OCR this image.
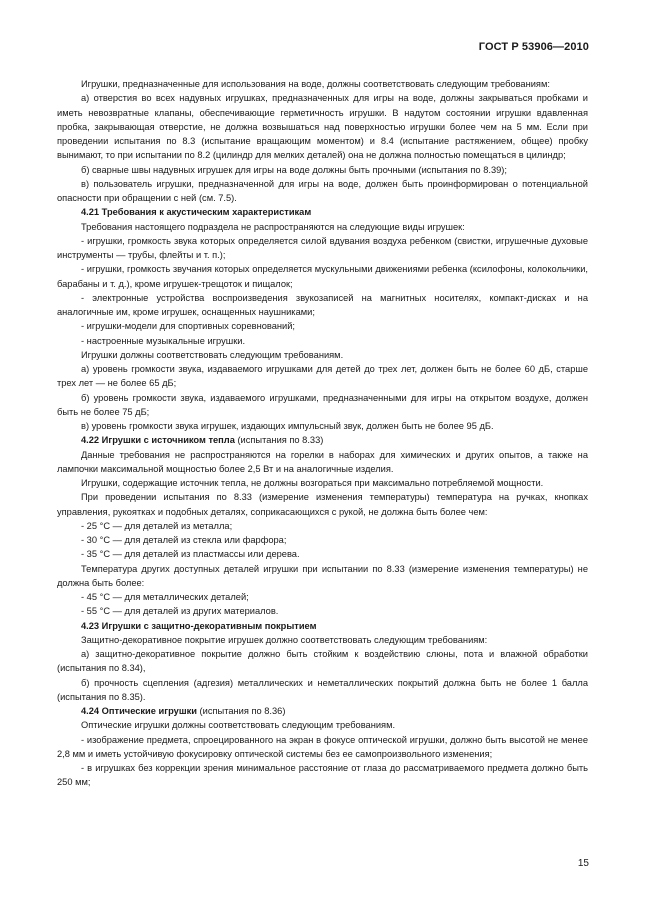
ГОСТ Р 53906—2010

Игрушки, предназначенные для использования на воде, должны соответствовать следующим требованиям:

а) отверстия во всех надувных игрушках, предназначенных для игры на воде, должны закрываться пробками и иметь невозвратные клапаны, обеспечивающие герметичность игрушки. В надутом состоянии игрушки вдавленная пробка, закрывающая отверстие, не должна возвышаться над поверхностью игрушки более чем на 5 мм. Если при проведении испытания по 8.3 (испытание вращающим моментом) и 8.4 (испытание растяжением, общее) пробку вынимают, то при испытании по 8.2 (цилиндр для мелких деталей) она не должна полностью помещаться в цилиндр;

б) сварные швы надувных игрушек для игры на воде должны быть прочными (испытания по 8.39);

в) пользователь игрушки, предназначенной для игры на воде, должен быть проинформирован о потенциальной опасности при обращении с ней (см. 7.5).

4.21 Требования к акустическим характеристикам

Требования настоящего подраздела не распространяются на следующие виды игрушек:

- игрушки, громкость звука которых определяется силой вдувания воздуха ребенком (свистки, игрушечные духовые инструменты — трубы, флейты и т. п.);

- игрушки, громкость звучания которых определяется мускульными движениями ребенка (ксилофоны, колокольчики, барабаны и т. д.), кроме игрушек-трещоток и пищалок;

- электронные устройства воспроизведения звукозаписей на магнитных носителях, компакт-дисках и на аналогичные им, кроме игрушек, оснащенных наушниками;

- игрушки-модели для спортивных соревнований;

- настроенные музыкальные игрушки.

Игрушки должны соответствовать следующим требованиям.

а) уровень громкости звука, издаваемого игрушками для детей до трех лет, должен быть не более 60 дБ, старше трех лет — не более 65 дБ;

б) уровень громкости звука, издаваемого игрушками, предназначенными для игры на открытом воздухе, должен быть не более 75 дБ;

в) уровень громкости звука игрушек, издающих импульсный звук, должен быть не более 95 дБ.

4.22 Игрушки с источником тепла (испытания по 8.33)

Данные требования не распространяются на горелки в наборах для химических и других опытов, а также на лампочки максимальной мощностью более 2,5 Вт и на аналогичные изделия.

Игрушки, содержащие источник тепла, не должны возгораться при максимально потребляемой мощности.

При проведении испытания по 8.33 (измерение изменения температуры) температура на ручках, кнопках управления, рукоятках и подобных деталях, соприкасающихся с рукой, не должна быть более чем:

- 25 °С — для деталей из металла;

- 30 °С — для деталей из стекла или фарфора;

- 35 °С — для деталей из пластмассы или дерева.

Температура других доступных деталей игрушки при испытании по 8.33 (измерение изменения температуры) не должна быть более:

- 45 °С — для металлических деталей;

- 55 °С — для деталей из других материалов.

4.23 Игрушки с защитно-декоративным покрытием

Защитно-декоративное покрытие игрушек должно соответствовать следующим требованиям:

а) защитно-декоративное покрытие должно быть стойким к воздействию слюны, пота и влажной обработки (испытания по 8.34),

б) прочность сцепления (адгезия) металлических и неметаллических покрытий должна быть не более 1 балла (испытания по 8.35).

4.24 Оптические игрушки (испытания по 8.36)

Оптические игрушки должны соответствовать следующим требованиям.

- изображение предмета, спроецированного на экран в фокусе оптической игрушки, должно быть высотой не менее 2,8 мм и иметь устойчивую фокусировку оптической системы без ее самопроизвольного изменения;

- в игрушках без коррекции зрения минимальное расстояние от глаза до рассматриваемого предмета должно быть 250 мм;

15
